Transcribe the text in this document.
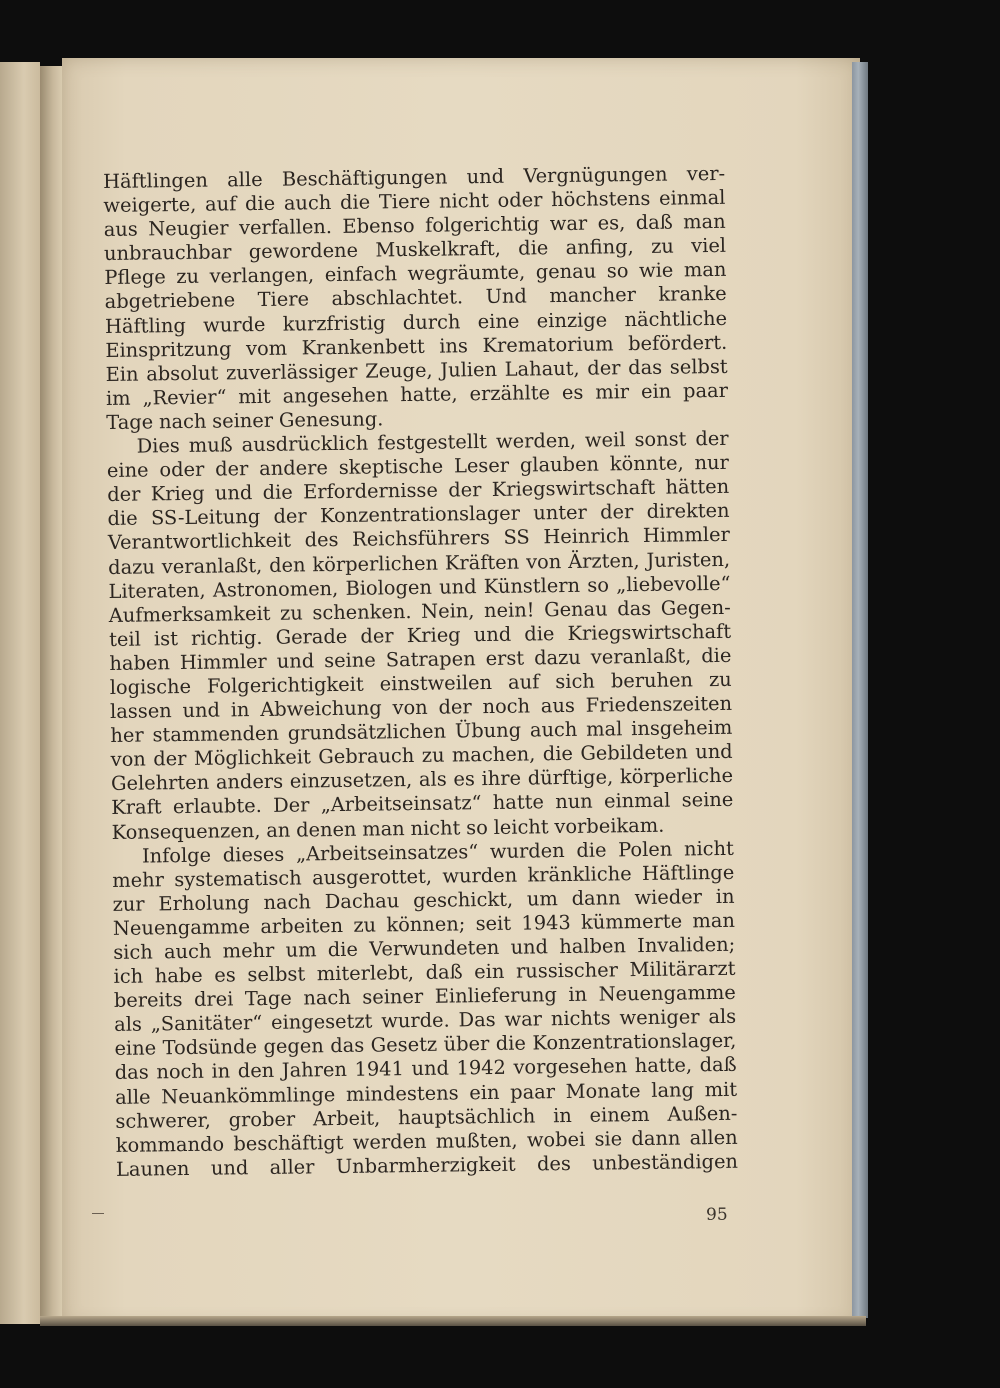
Häftlingen alle Beschäftigungen und Vergnügungen ver-
weigerte, auf die auch die Tiere nicht oder höchstens einmal
aus Neugier verfallen. Ebenso folgerichtig war es, daß man
unbrauchbar gewordene Muskelkraft, die anfing, zu viel
Pflege zu verlangen, einfach wegräumte, genau so wie man
abgetriebene Tiere abschlachtet. Und mancher kranke
Häftling wurde kurzfristig durch eine einzige nächtliche
Einspritzung vom Krankenbett ins Krematorium befördert.
Ein absolut zuverlässiger Zeuge, Julien Lahaut, der das selbst
im „Revier“ mit angesehen hatte, erzählte es mir ein paar
Tage nach seiner Genesung.
Dies muß ausdrücklich festgestellt werden, weil sonst der
eine oder der andere skeptische Leser glauben könnte, nur
der Krieg und die Erfordernisse der Kriegswirtschaft hätten
die SS-Leitung der Konzentrationslager unter der direkten
Verantwortlichkeit des Reichsführers SS Heinrich Himmler
dazu veranlaßt, den körperlichen Kräften von Ärzten, Juristen,
Literaten, Astronomen, Biologen und Künstlern so „liebevolle“
Aufmerksamkeit zu schenken. Nein, nein! Genau das Gegen-
teil ist richtig. Gerade der Krieg und die Kriegswirtschaft
haben Himmler und seine Satrapen erst dazu veranlaßt, die
logische Folgerichtigkeit einstweilen auf sich beruhen zu
lassen und in Abweichung von der noch aus Friedenszeiten
her stammenden grundsätzlichen Übung auch mal insgeheim
von der Möglichkeit Gebrauch zu machen, die Gebildeten und
Gelehrten anders einzusetzen, als es ihre dürftige, körperliche
Kraft erlaubte. Der „Arbeitseinsatz“ hatte nun einmal seine
Konsequenzen, an denen man nicht so leicht vorbeikam.
Infolge dieses „Arbeitseinsatzes“ wurden die Polen nicht
mehr systematisch ausgerottet, wurden kränkliche Häftlinge
zur Erholung nach Dachau geschickt, um dann wieder in
Neuengamme arbeiten zu können; seit 1943 kümmerte man
sich auch mehr um die Verwundeten und halben Invaliden;
ich habe es selbst miterlebt, daß ein russischer Militärarzt
bereits drei Tage nach seiner Einlieferung in Neuengamme
als „Sanitäter“ eingesetzt wurde. Das war nichts weniger als
eine Todsünde gegen das Gesetz über die Konzentrationslager,
das noch in den Jahren 1941 und 1942 vorgesehen hatte, daß
alle Neuankömmlinge mindestens ein paar Monate lang mit
schwerer, grober Arbeit, hauptsächlich in einem Außen-
kommando beschäftigt werden mußten, wobei sie dann allen
Launen und aller Unbarmherzigkeit des unbeständigen
95
